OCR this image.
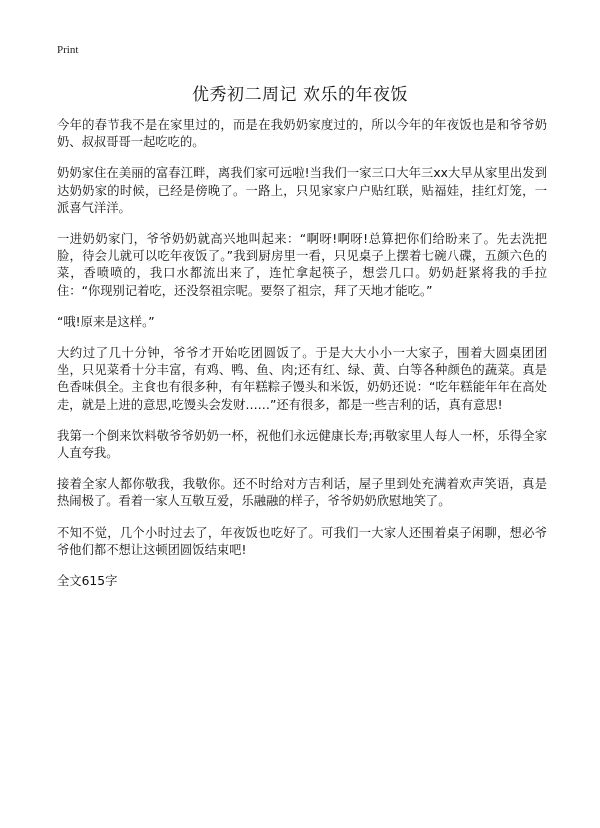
Print
优秀初二周记 欢乐的年夜饭

今年的春节我不是在家里过的，而是在我奶奶家度过的，所以今年的年夜饭也是和爷爷奶奶、叔叔哥哥一起吃吃的。

奶奶家住在美丽的富春江畔，离我们家可远啦!当我们一家三口大年三xx大早从家里出发到达奶奶家的时候，已经是傍晚了。一路上，只见家家户户贴红联，贴福娃，挂红灯笼，一派喜气洋洋。

一进奶奶家门，爷爷奶奶就高兴地叫起来：“啊呀!啊呀!总算把你们给盼来了。先去洗把脸，待会儿就可以吃年夜饭了。”我到厨房里一看，只见桌子上摆着七碗八碟，五颜六色的菜，香喷喷的，我口水都流出来了，连忙拿起筷子，想尝几口。奶奶赶紧将我的手拉住：“你现别记着吃，还没祭祖宗呢。要祭了祖宗，拜了天地才能吃。”

“哦!原来是这样。”

大约过了几十分钟，爷爷才开始吃团圆饭了。于是大大小小一大家子，围着大圆桌团团坐，只见菜肴十分丰富，有鸡、鸭、鱼、肉;还有红、绿、黄、白等各种颜色的蔬菜。真是色香味俱全。主食也有很多种，有年糕粽子馒头和米饭，奶奶还说：“吃年糕能年年在高处走，就是上进的意思,吃馒头会发财……”还有很多，都是一些吉利的话，真有意思!

我第一个倒来饮料敬爷爷奶奶一杯，祝他们永远健康长寿;再敬家里人每人一杯，乐得全家人直夸我。

接着全家人都你敬我，我敬你。还不时给对方吉利话，屋子里到处充满着欢声笑语，真是热闹极了。看着一家人互敬互爱，乐融融的样子，爷爷奶奶欣慰地笑了。

不知不觉，几个小时过去了，年夜饭也吃好了。可我们一大家人还围着桌子闲聊，想必爷爷他们都不想让这顿团圆饭结束吧!

全文615字
